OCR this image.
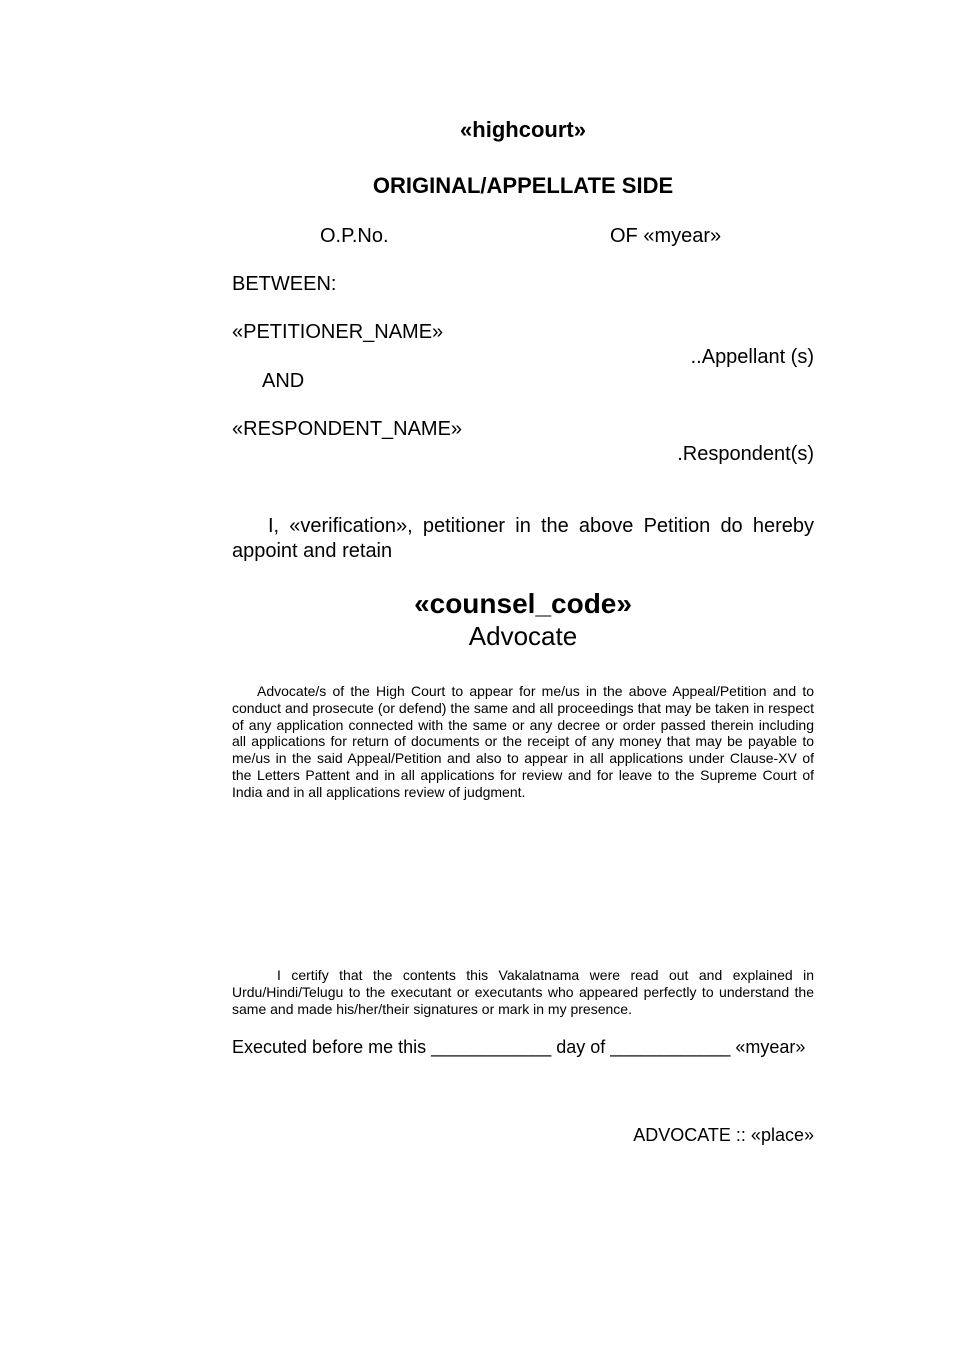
«highcourt»
ORIGINAL/APPELLATE SIDE
O.P.No.	OF «myear»
BETWEEN:
«PETITIONER_NAME»
..Appellant (s)
AND
«RESPONDENT_NAME»
.Respondent(s)
I, «verification», petitioner in the above Petition do hereby appoint and retain
«counsel_code»
Advocate
Advocate/s of the High Court to appear for me/us in the above Appeal/Petition and to conduct and prosecute (or defend) the same and all proceedings that may be taken in respect of any application connected with the same or any decree or order passed therein including all applications for return of documents or the receipt of any money that may be payable to me/us in the said Appeal/Petition and also to appear in all applications under Clause-XV of the Letters Pattent and in all applications for review and for leave to the Supreme Court of India and in all applications review of judgment.
I certify that the contents this Vakalatnama were read out and explained in Urdu/Hindi/Telugu to the executant or executants who appeared perfectly to understand the same and made his/her/their signatures or mark in my presence.
Executed before me this ____________ day of ____________ «myear»
ADVOCATE :: «place»
